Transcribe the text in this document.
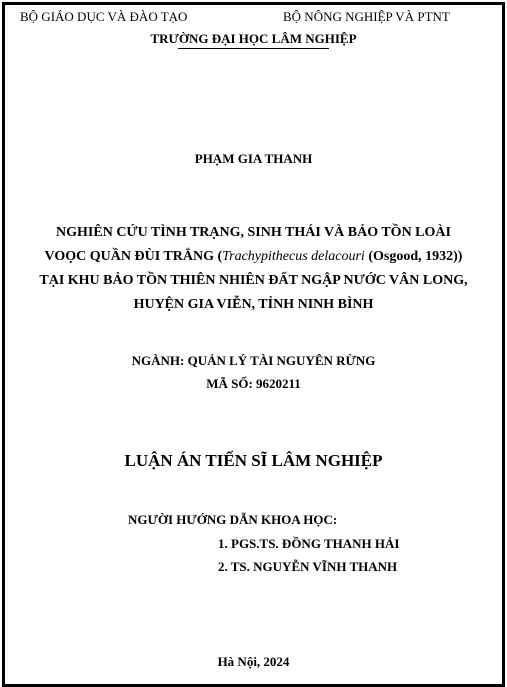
BỘ GIÁO DỤC VÀ ĐÀO TẠO	BỘ NÔNG NGHIỆP VÀ PTNT
TRƯỜNG ĐẠI HỌC LÂM NGHIỆP
PHẠM GIA THANH
NGHIÊN CỨU TÌNH TRẠNG, SINH THÁI VÀ BẢO TỒN LOÀI
VOỌC QUẦN ĐÙI TRẮNG (Trachypithecus delacouri (Osgood, 1932))
TẠI KHU BẢO TỒN THIÊN NHIÊN ĐẤT NGẬP NƯỚC VÂN LONG,
HUYỆN GIA VIỄN, TỈNH NINH BÌNH
NGÀNH: QUẢN LÝ TÀI NGUYÊN RỪNG
MÃ SỐ: 9620211
LUẬN ÁN TIẾN SĨ LÂM NGHIỆP
NGƯỜI HƯỚNG DẪN KHOA HỌC:
1. PGS.TS. ĐỒNG THANH HẢI
2. TS. NGUYỄN VĨNH THANH
Hà Nội, 2024
